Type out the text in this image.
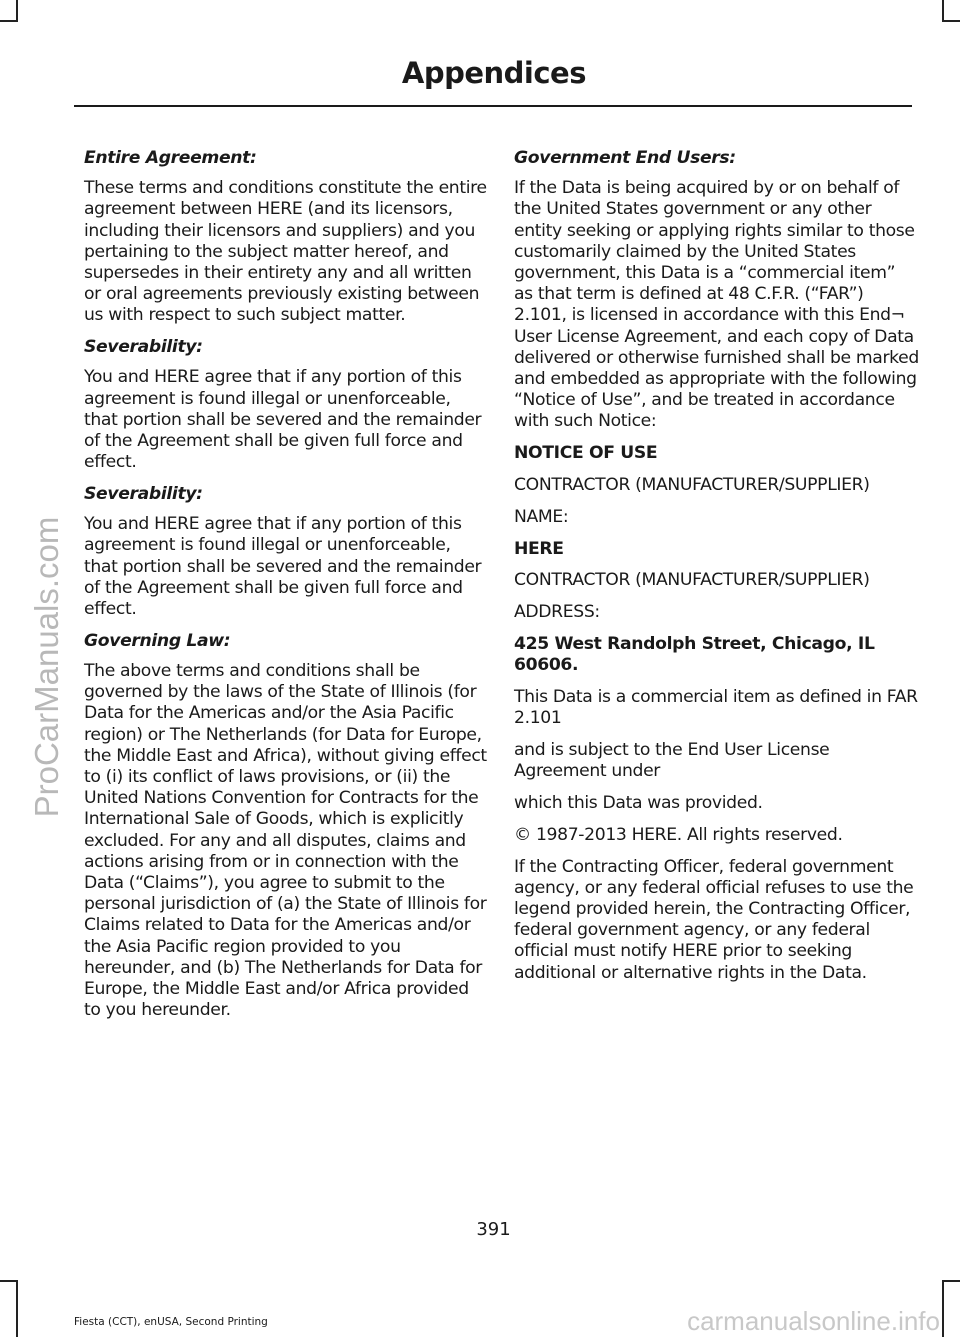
ProCarManuals.com
Appendices

Entire Agreement:

These terms and conditions constitute the entire agreement between HERE (and its licensors, including their licensors and suppliers) and you pertaining to the subject matter hereof, and supersedes in their entirety any and all written or oral agreements previously existing between us with respect to such subject matter.

Severability:

You and HERE agree that if any portion of this agreement is found illegal or unenforceable, that portion shall be severed and the remainder of the Agreement shall be given full force and effect.

Severability:

You and HERE agree that if any portion of this agreement is found illegal or unenforceable, that portion shall be severed and the remainder of the Agreement shall be given full force and effect.

Governing Law:

The above terms and conditions shall be governed by the laws of the State of Illinois (for Data for the Americas and/or the Asia Pacific region) or The Netherlands (for Data for Europe, the Middle East and Africa), without giving effect to (i) its conflict of laws provisions, or (ii) the United Nations Convention for Contracts for the International Sale of Goods, which is explicitly excluded. For any and all disputes, claims and actions arising from or in connection with the Data (“Claims”), you agree to submit to the personal jurisdiction of (a) the State of Illinois for Claims related to Data for the Americas and/or the Asia Pacific region provided to you hereunder, and (b) The Netherlands for Data for Europe, the Middle East and/or Africa provided to you hereunder.

Government End Users:

If the Data is being acquired by or on behalf of the United States government or any other entity seeking or applying rights similar to those customarily claimed by the United States government, this Data is a “commercial item” as that term is defined at 48 C.F.R. (“FAR”) 2.101, is licensed in accordance with this End¬ User License Agreement, and each copy of Data delivered or otherwise furnished shall be marked and embedded as appropriate with the following “Notice of Use”, and be treated in accordance with such Notice:

NOTICE OF USE

CONTRACTOR (MANUFACTURER/SUPPLIER)

NAME:

HERE

CONTRACTOR (MANUFACTURER/SUPPLIER)

ADDRESS:

425 West Randolph Street, Chicago, IL 60606.

This Data is a commercial item as defined in FAR 2.101

and is subject to the End User License Agreement under

which this Data was provided.

© 1987-2013 HERE. All rights reserved.

If the Contracting Officer, federal government agency, or any federal official refuses to use the legend provided herein, the Contracting Officer, federal government agency, or any federal official must notify HERE prior to seeking additional or alternative rights in the Data.

391
Fiesta (CCT), enUSA, Second Printing	carmanualsonline.info
